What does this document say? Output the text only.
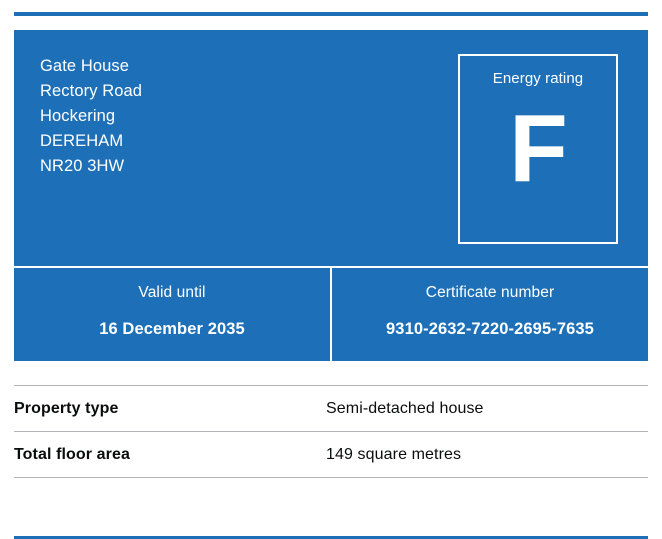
Gate House
Rectory Road
Hockering
DEREHAM
NR20 3HW
Energy rating
F
Valid until
16 December 2035
Certificate number
9310-2632-7220-2695-7635
Property type	Semi-detached house
Total floor area	149 square metres
